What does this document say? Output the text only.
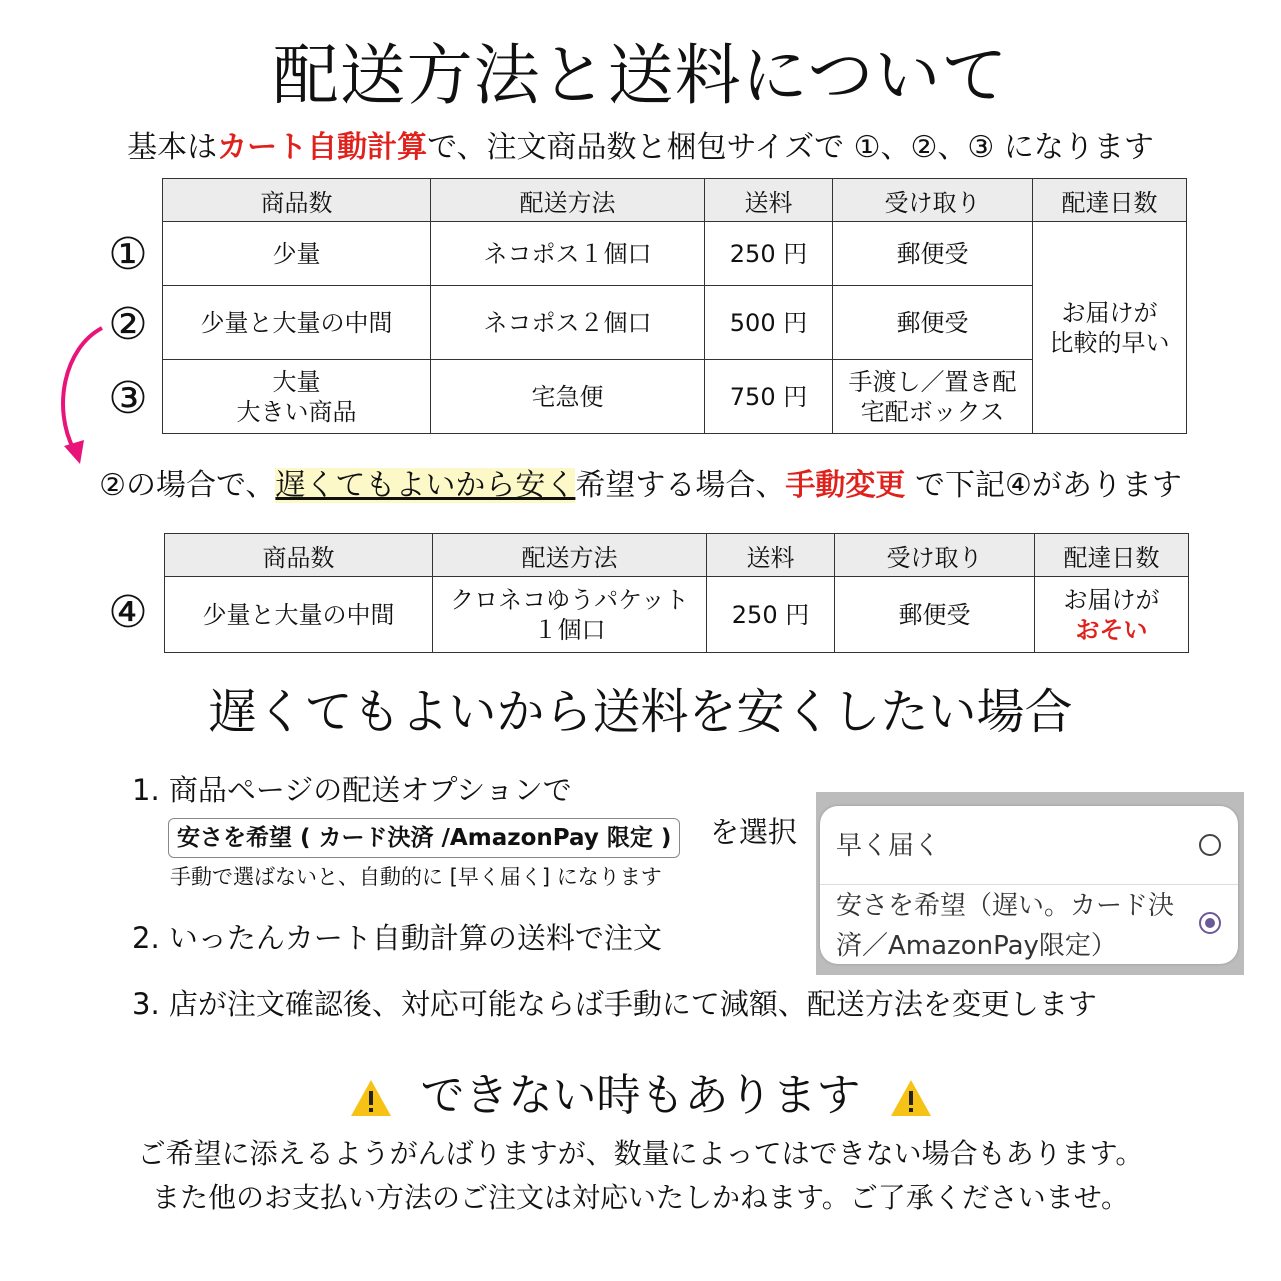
配送方法と送料について
基本はカート自動計算で、注文商品数と梱包サイズで ①、②、③ になります
①
②
③
商品数	配送方法	送料	受け取り	配達日数
少量	ネコポス１個口	250 円	郵便受	お届けが
比較的早い
少量と大量の中間	ネコポス２個口	500 円	郵便受	
大量
大きい商品	宅急便	750 円	手渡し／置き配
宅配ボックス	
②の場合で、遅くてもよいから安く希望する場合、手動変更 で下記④があります
④
商品数	配送方法	送料	受け取り	配達日数
少量と大量の中間	クロネコゆうパケット
１個口	250 円	郵便受	お届けが
おそい
遅くてもよいから送料を安くしたい場合
1. 商品ページの配送オプションで
安さを希望 ( カード決済 /AmazonPay 限定 )	を選択
手動で選ばないと、自動的に [早く届く] になります
2. いったんカート自動計算の送料で注文
3. 店が注文確認後、対応可能ならば手動にて減額、配送方法を変更します
早く届く
安さを希望（遅い。カード決済／AmazonPay限定）
できない時もあります
ご希望に添えるようがんばりますが、数量によってはできない場合もあります。
また他のお支払い方法のご注文は対応いたしかねます。ご了承くださいませ。
